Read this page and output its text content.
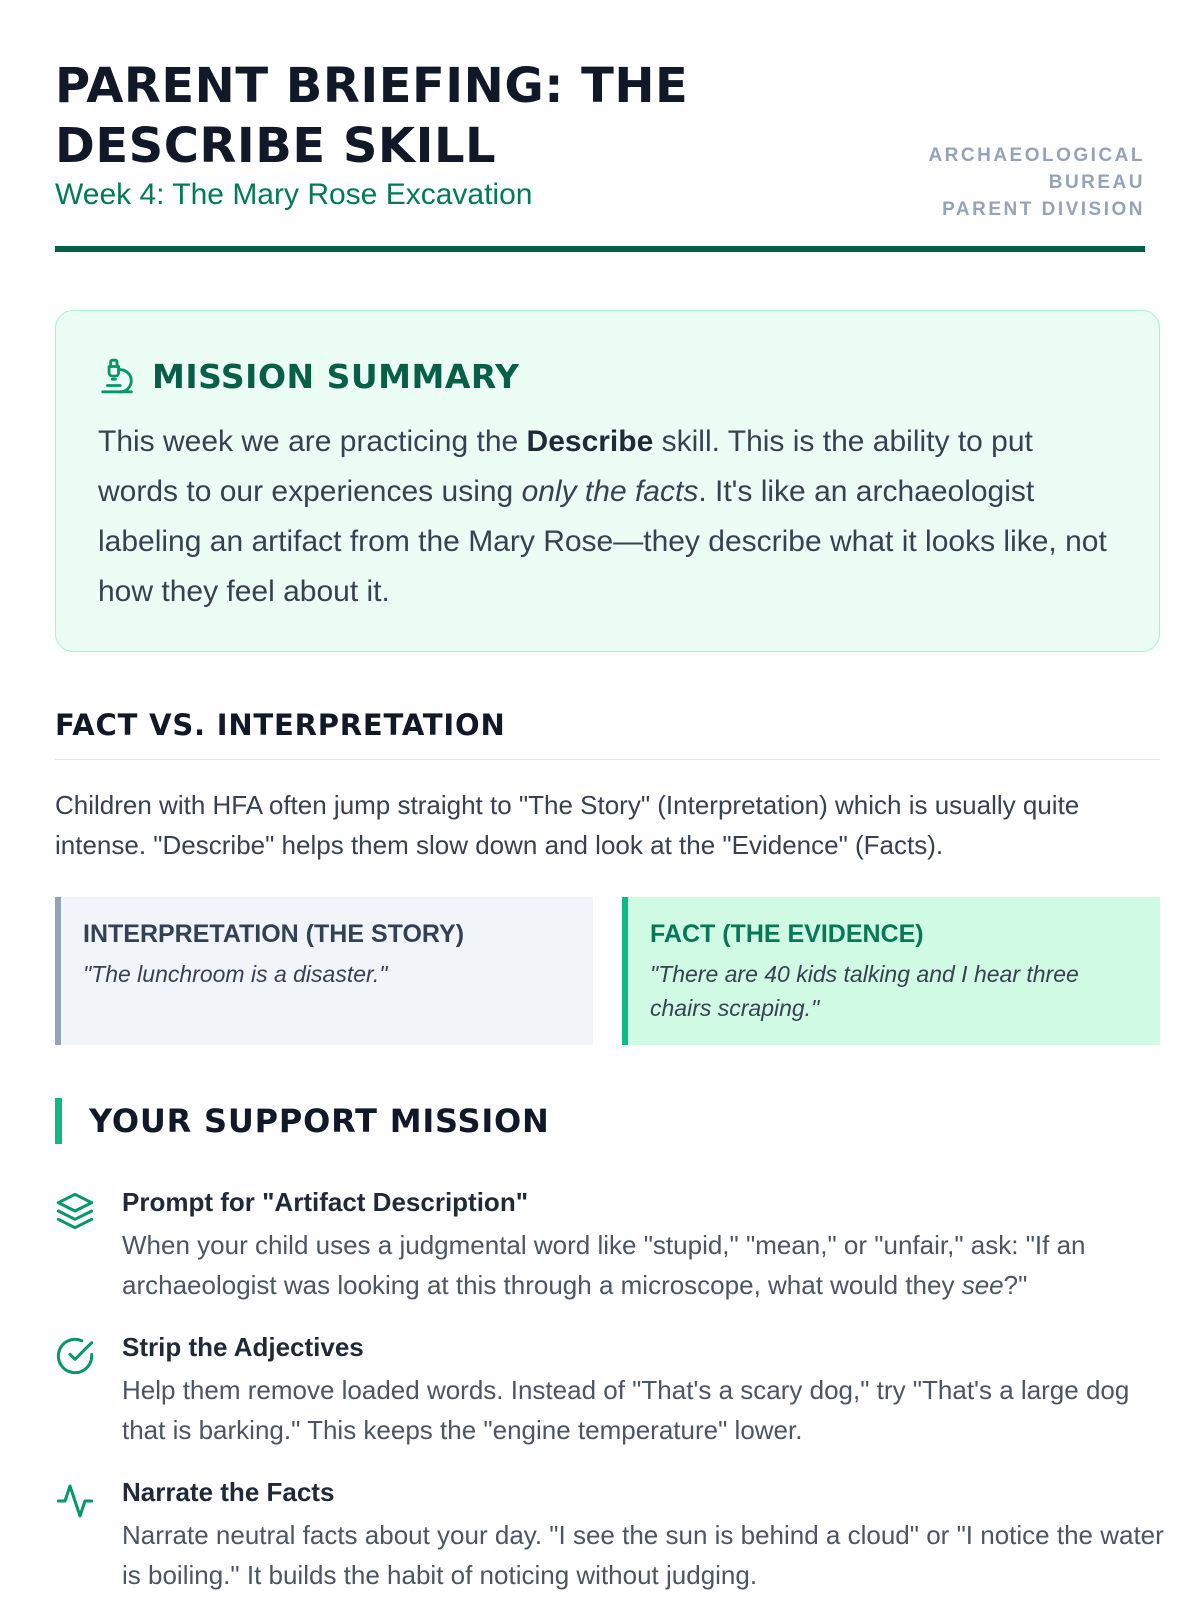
PARENT BRIEFING: THE DESCRIBE SKILL
Week 4: The Mary Rose Excavation
ARCHAEOLOGICAL
BUREAU
PARENT DIVISION
MISSION SUMMARY

This week we are practicing the Describe skill. This is the ability to put words to our experiences using only the facts. It's like an archaeologist labeling an artifact from the Mary Rose—they describe what it looks like, not how they feel about it.

FACT VS. INTERPRETATION

Children with HFA often jump straight to "The Story" (Interpretation) which is usually quite intense. "Describe" helps them slow down and look at the "Evidence" (Facts).

INTERPRETATION (THE STORY)
"The lunchroom is a disaster."
FACT (THE EVIDENCE)
"There are 40 kids talking and I hear three chairs scraping."
YOUR SUPPORT MISSION
Prompt for "Artifact Description"

When your child uses a judgmental word like "stupid," "mean," or "unfair," ask: "If an archaeologist was looking at this through a microscope, what would they see?"

Strip the Adjectives

Help them remove loaded words. Instead of "That's a scary dog," try "That's a large dog that is barking." This keeps the "engine temperature" lower.

Narrate the Facts

Narrate neutral facts about your day. "I see the sun is behind a cloud" or "I notice the water is boiling." It builds the habit of noticing without judging.
